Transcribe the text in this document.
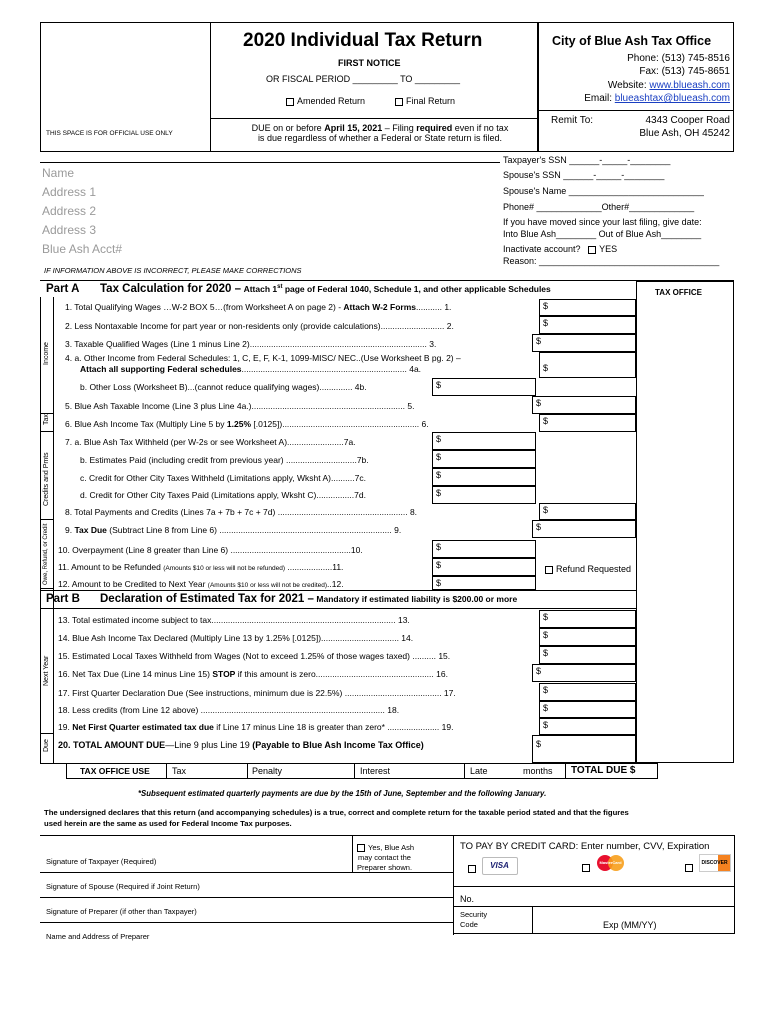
THIS SPACE IS FOR OFFICIAL USE ONLY
2020 Individual Tax Return
FIRST NOTICE
OR FISCAL PERIOD _________ TO _________
Amended Return	Final Return
DUE on or before April 15, 2021 – Filing required even if no tax
is due regardless of whether a Federal or State return is filed.
City of Blue Ash Tax Office
Phone: (513) 745-8516
Fax: (513) 745-8651
Website: www.blueash.com
Email: blueashtax@blueash.com
Remit To:	4343 Cooper Road
Blue Ash, OH 45242
Name
Address 1
Address 2
Address 3
Blue Ash Acct#
IF INFORMATION ABOVE IS INCORRECT, PLEASE MAKE CORRECTIONS
Taxpayer's SSN ______-_____-________
Spouse's SSN ______-_____-________
Spouse's Name ___________________________
Phone# _____________Other#_____________
If you have moved since your last filing, give date:
Into Blue Ash________ Out of Blue Ash________
Inactivate account? YES
Reason: ____________________________________
Part A Tax Calculation for 2020 – Attach 1st page of Federal 1040, Schedule 1, and other applicable Schedules	TAX OFFICE
Income
Tax
Credits and Pmts
Owe, Refund, or Credit
Next Year
Due
1. Total Qualifying Wages …W-2 BOX 5…(from Worksheet A on page 2) - Attach W-2 Forms........... 1.	$
2. Less Nontaxable Income for part year or non-residents only (provide calculations)........................... 2.	$
3. Taxable Qualified Wages (Line 1 minus Line 2)........................................................................... 3.	$
4. a. Other Income from Federal Schedules: 1, C, E, F, K-1, 1099-MISC/ NEC..(Use Worksheet B pg. 2) –
Attach all supporting Federal schedules...................................................................... 4a.	$
b. Other Loss (Worksheet B)...(cannot reduce qualifying wages).............. 4b.	$
5. Blue Ash Taxable Income (Line 3 plus Line 4a.)................................................................. 5.	$
6. Blue Ash Income Tax (Multiply Line 5 by 1.25% [.0125]).......................................................... 6.	$
7. a. Blue Ash Tax Withheld (per W-2s or see Worksheet A)........................7a.	$
b. Estimates Paid (including credit from previous year) ..............................7b.	$
c. Credit for Other City Taxes Withheld (Limitations apply, Wksht A)..........7c.	$
d. Credit for Other City Taxes Paid (Limitations apply, Wksht C)................7d.	$
8. Total Payments and Credits (Lines 7a + 7b + 7c + 7d) ....................................................... 8.	$
9. Tax Due (Subtract Line 8 from Line 6) ......................................................................... 9.	$
10. Overpayment (Line 8 greater than Line 6) ...................................................10.	$
11. Amount to be Refunded (Amounts $10 or less will not be refunded) ...................11.	$
12. Amount to be Credited to Next Year (Amounts $10 or less will not be credited)..12.	$
Refund Requested
Part B Declaration of Estimated Tax for 2021 – Mandatory if estimated liability is $200.00 or more
13. Total estimated income subject to tax.............................................................................. 13.	$
14. Blue Ash Income Tax Declared (Multiply Line 13 by 1.25% [.0125])................................. 14.	$
15. Estimated Local Taxes Withheld from Wages (Not to exceed 1.25% of those wages taxed) .......... 15.	$
16. Net Tax Due (Line 14 minus Line 15) STOP if this amount is zero.................................................. 16.	$
17. First Quarter Declaration Due (See instructions, minimum due is 22.5%) ......................................... 17.	$
18. Less credits (from Line 12 above) .............................................................................. 18.	$
19. Net First Quarter estimated tax due if Line 17 minus Line 18 is greater than zero* ...................... 19.	$
20. TOTAL AMOUNT DUE—Line 9 plus Line 19 (Payable to Blue Ash Income Tax Office)	$
TAX OFFICE USE Tax	Penalty	Interest	Late	months TOTAL DUE $
*Subsequent estimated quarterly payments are due by the 15th of June, September and the following January.
The undersigned declares that this return (and accompanying schedules) is a true, correct and complete return for the taxable period stated and that the figures
used herein are the same as used for Federal Income Tax purposes.
Yes, Blue Ash
may contact the
Preparer shown.
Signature of Taxpayer (Required)
Signature of Spouse (Required if Joint Return)
Signature of Preparer (if other than Taxpayer)
Name and Address of Preparer
TO PAY BY CREDIT CARD: Enter number, CVV, Expiration
VISA
	MasterCard	DISCOVER
No.
Security
Code	Exp (MM/YY)
